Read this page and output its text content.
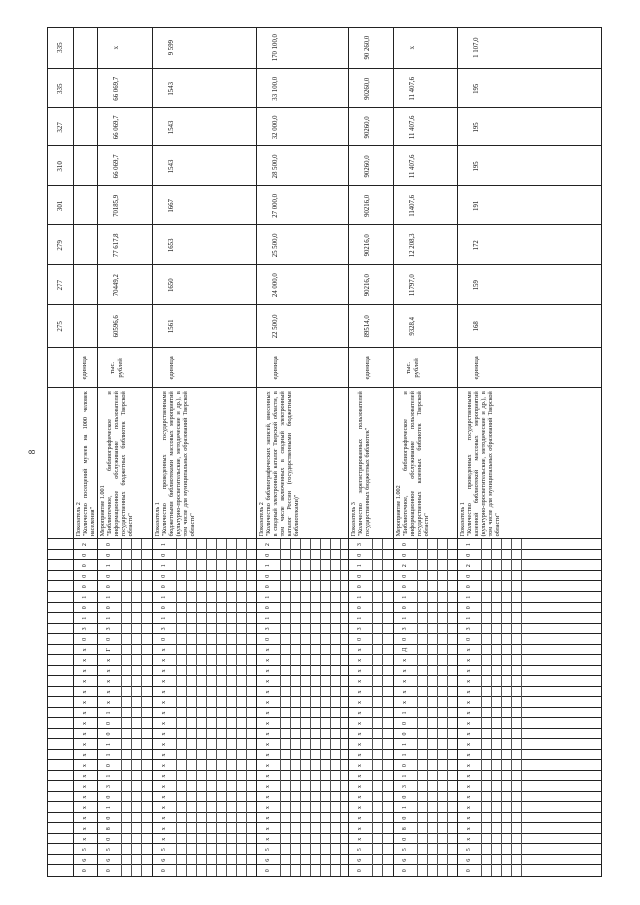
8
275
277
279
301
310
327
335
335
0
6
5
x
x
x
x
x
x
x
x
x
x
x
x
x
x
x
x
x
x
x
0
3
1
0
1
0
0
0
0
2
Показатель 2
"Количество посещений музеев на 1000 человек населения"
единица
0
6
5
0
8
0
1
0
3
1
0
1
1
0
0
1
x
x
x
x
x
Г
0
3
1
0
1
0
0
1
0
0
Мероприятие 1.001
"Библиотечное, библиографическое и информационное обслуживание пользователей государственных бюджетных библиотек Тверской области"
тыс.
рублей
60596,6
70449,2
77 617,8
70185,9
66 069,7
66 069,7
66 069,7
x
0
6
5
x
x
x
x
x
x
x
x
x
x
x
x
x
x
x
x
x
x
x
0
3
1
0
1
0
0
1
0
1
Показатель 1
"Количество проведенных государственными бюджетными библиотеками массовых мероприятий (культурно-просветительские, методические и др.), в том числе для муниципальных образований Тверской области"
единица
1561
1650
1653
1667
1543
1543
1543
9 599
0
6
5
x
x
x
x
x
x
x
x
x
x
x
x
x
x
x
x
x
x
x
0
3
1
0
1
0
0
1
0
2
Показатель 2
"Количество библиографических записей, внесенных в сводный электронный каталог Тверской области, в том числе включенных в сводный электронный каталог России (государственными бюджетными библиотеками)"
единица
22 500,0
24 000,0
25 500,0
27 000,0
28 500,0
32 000,0
33 100,0
170 100,0
0
6
5
x
x
x
x
x
x
x
x
x
x
x
x
x
x
x
x
x
x
x
0
3
1
0
1
0
0
1
0
3
Показатель 3
"Количество зарегистрированных пользователей государственных бюджетных библиотек"
единица
89514,0
90216,0
90216,0
90216,0
90260,0
90260,0
90260,0
90 260,0
0
6
5
0
8
0
1
0
3
1
0
1
1
0
0
1
x
x
x
x
x
Д
0
3
1
0
1
0
0
2
0
0
Мероприятие 1.002
"Библиотечное, библиографическое и информационное обслуживание пользователей государственных казенных библиотек Тверской области"
тыс.
рублей
9328,4
11797,0
12 208,3
11407,6
11 407,6
11 407,6
11 407,6
x
0
6
5
x
x
x
x
x
x
x
x
x
x
x
x
x
x
x
x
x
x
x
0
3
1
0
1
0
0
2
0
1
Показатель 1
"Количество проведенных государственными казенной библиотекой массовых мероприятий (культурно-просветительские, методические и др.), в том числе для муниципальных образований Тверской области"
единица
168
159
172
191
195
195
195
1 107,0
